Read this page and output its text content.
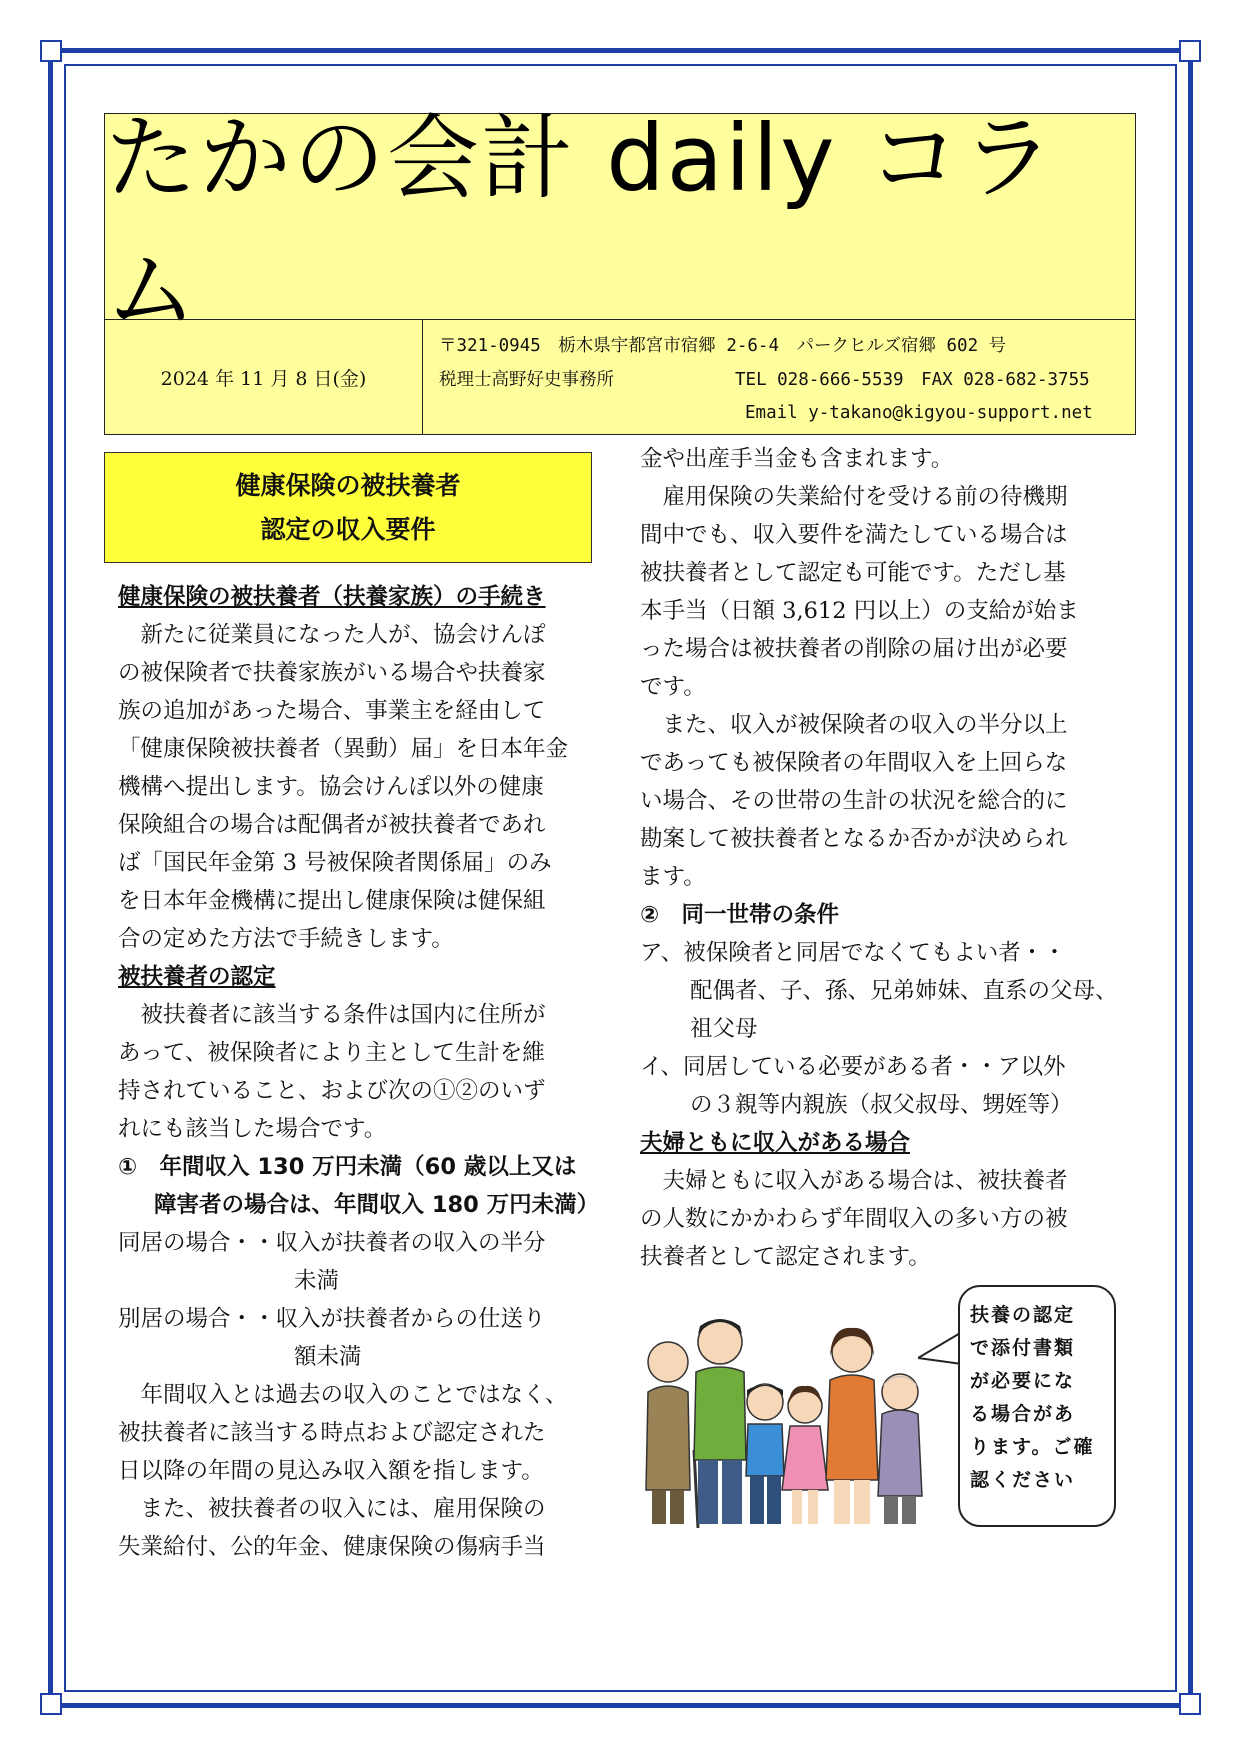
たかの会計 daily コラム
2024 年 11 月 8 日(金)
〒321-0945　栃木県宇都宮市宿郷 2-6-4　パークヒルズ宿郷 602 号
税理士高野好史事務所	TEL 028-666-5539　FAX 028-682-3755
Email y-takano@kigyou-support.net
健康保険の被扶養者
認定の収入要件

健康保険の被扶養者（扶養家族）の手続き

新たに従業員になった人が、協会けんぽ
の被保険者で扶養家族がいる場合や扶養家
族の追加があった場合、事業主を経由して
「健康保険被扶養者（異動）届」を日本年金
機構へ提出します。協会けんぽ以外の健康
保険組合の場合は配偶者が被扶養者であれ
ば「国民年金第 3 号被保険者関係届」のみ
を日本年金機構に提出し健康保険は健保組
合の定めた方法で手続きします。

被扶養者の認定

被扶養者に該当する条件は国内に住所が
あって、被保険者により主として生計を維
持されていること、および次の①②のいず
れにも該当した場合です。

①　年間収入 130 万円未満（60 歳以上又は

障害者の場合は、年間収入 180 万円未満）

同居の場合・・収入が扶養者の収入の半分

未満

別居の場合・・収入が扶養者からの仕送り

額未満

年間収入とは過去の収入のことではなく、
被扶養者に該当する時点および認定された
日以降の年間の見込み収入額を指します。

また、被扶養者の収入には、雇用保険の
失業給付、公的年金、健康保険の傷病手当

金や出産手当金も含まれます。

雇用保険の失業給付を受ける前の待機期
間中でも、収入要件を満たしている場合は
被扶養者として認定も可能です。ただし基
本手当（日額 3,612 円以上）の支給が始ま
った場合は被扶養者の削除の届け出が必要
です。

また、収入が被保険者の収入の半分以上
であっても被保険者の年間収入を上回らな
い場合、その世帯の生計の状況を総合的に
勘案して被扶養者となるか否かが決められ
ます。

②　同一世帯の条件

ア、被保険者と同居でなくてもよい者・・

配偶者、子、孫、兄弟姉妹、直系の父母、

祖父母

イ、同居している必要がある者・・ア以外

の３親等内親族（叔父叔母、甥姪等）

夫婦ともに収入がある場合

夫婦ともに収入がある場合は、被扶養者
の人数にかかわらず年間収入の多い方の被
扶養者として認定されます。

扶養の認定
で添付書類
が必要にな
る場合があ
ります。ご確
認ください
